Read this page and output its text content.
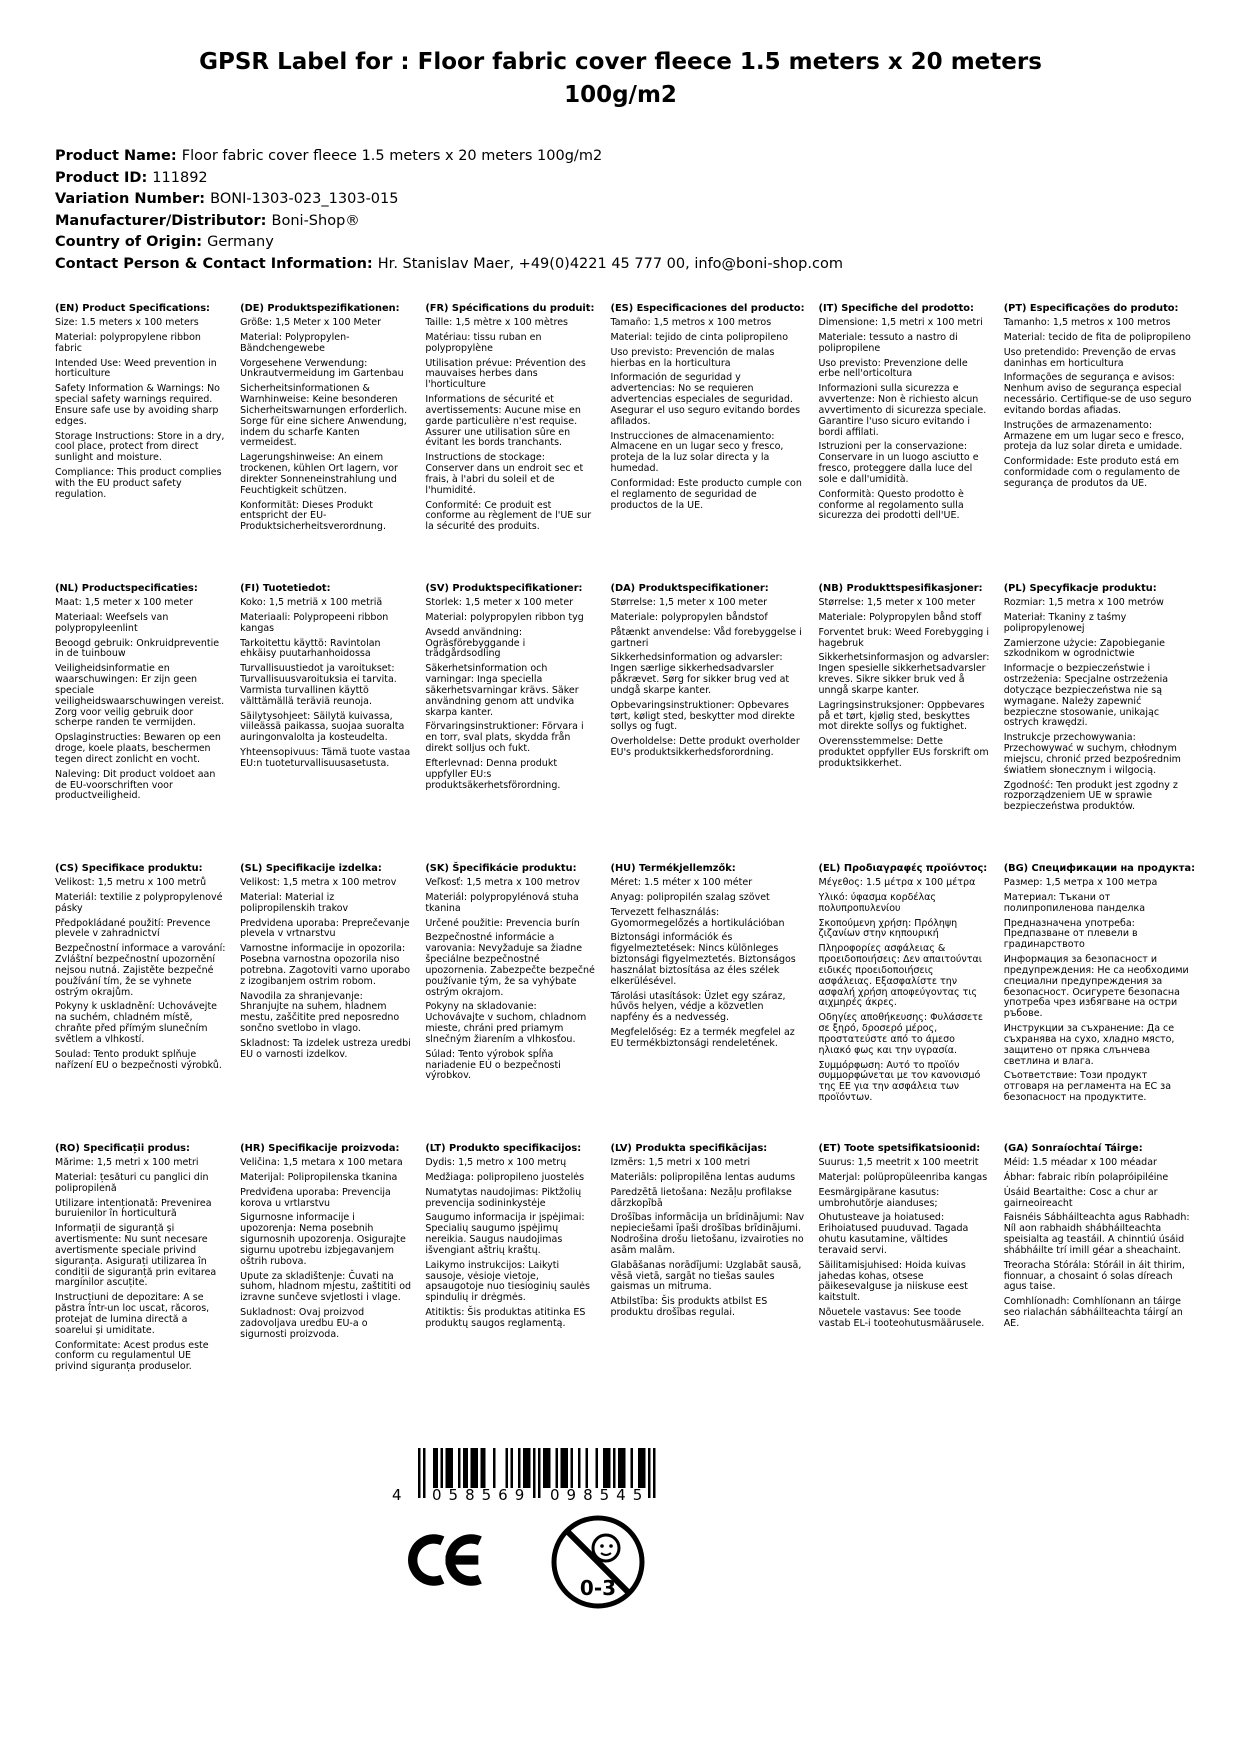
GPSR Label for : Floor fabric cover fleece 1.5 meters x 20 meters 100g/m2
Product Name: Floor fabric cover fleece 1.5 meters x 20 meters 100g/m2
Product ID: 111892
Variation Number: BONI-1303-023_1303-015
Manufacturer/Distributor: Boni-Shop®
Country of Origin: Germany
Contact Person & Contact Information: Hr. Stanislav Maer, +49(0)4221 45 777 00, info@boni-shop.com
(EN) Product Specifications:

Size: 1.5 meters x 100 meters

Material: polypropylene ribbon fabric

Intended Use: Weed prevention in horticulture

Safety Information & Warnings: No special safety warnings required. Ensure safe use by avoiding sharp edges.

Storage Instructions: Store in a dry, cool place, protect from direct sunlight and moisture.

Compliance: This product complies with the EU product safety regulation.

(DE) Produktspezifikationen:

Größe: 1,5 Meter x 100 Meter

Material: Polypropylen-Bändchengewebe

Vorgesehene Verwendung: Unkrautvermeidung im Gartenbau

Sicherheitsinformationen & Warnhinweise: Keine besonderen Sicherheitswarnungen erforderlich. Sorge für eine sichere Anwendung, indem du scharfe Kanten vermeidest.

Lagerungshinweise: An einem trockenen, kühlen Ort lagern, vor direkter Sonneneinstrahlung und Feuchtigkeit schützen.

Konformität: Dieses Produkt entspricht der EU-Produktsicherheitsverordnung.

(FR) Spécifications du produit:

Taille: 1,5 mètre x 100 mètres

Matériau: tissu ruban en polypropylène

Utilisation prévue: Prévention des mauvaises herbes dans l'horticulture

Informations de sécurité et avertissements: Aucune mise en garde particulière n'est requise. Assurer une utilisation sûre en évitant les bords tranchants.

Instructions de stockage: Conserver dans un endroit sec et frais, à l'abri du soleil et de l'humidité.

Conformité: Ce produit est conforme au règlement de l'UE sur la sécurité des produits.

(ES) Especificaciones del producto:

Tamaño: 1,5 metros x 100 metros

Material: tejido de cinta polipropileno

Uso previsto: Prevención de malas hierbas en la horticultura

Información de seguridad y advertencias: No se requieren advertencias especiales de seguridad. Asegurar el uso seguro evitando bordes afilados.

Instrucciones de almacenamiento: Almacene en un lugar seco y fresco, proteja de la luz solar directa y la humedad.

Conformidad: Este producto cumple con el reglamento de seguridad de productos de la UE.

(IT) Specifiche del prodotto:

Dimensione: 1,5 metri x 100 metri

Materiale: tessuto a nastro di polipropilene

Uso previsto: Prevenzione delle erbe nell'orticoltura

Informazioni sulla sicurezza e avvertenze: Non è richiesto alcun avvertimento di sicurezza speciale. Garantire l'uso sicuro evitando i bordi affilati.

Istruzioni per la conservazione: Conservare in un luogo asciutto e fresco, proteggere dalla luce del sole e dall'umidità.

Conformità: Questo prodotto è conforme al regolamento sulla sicurezza dei prodotti dell'UE.

(PT) Especificações do produto:

Tamanho: 1,5 metros x 100 metros

Material: tecido de fita de polipropileno

Uso pretendido: Prevenção de ervas daninhas em horticultura

Informações de segurança e avisos: Nenhum aviso de segurança especial necessário. Certifique-se de uso seguro evitando bordas afiadas.

Instruções de armazenamento: Armazene em um lugar seco e fresco, proteja da luz solar direta e umidade.

Conformidade: Este produto está em conformidade com o regulamento de segurança de produtos da UE.

(NL) Productspecificaties:

Maat: 1,5 meter x 100 meter

Materiaal: Weefsels van polypropyleenlint

Beoogd gebruik: Onkruidpreventie in de tuinbouw

Veiligheidsinformatie en waarschuwingen: Er zijn geen speciale veiligheidswaarschuwingen vereist. Zorg voor veilig gebruik door scherpe randen te vermijden.

Opslaginstructies: Bewaren op een droge, koele plaats, beschermen tegen direct zonlicht en vocht.

Naleving: Dit product voldoet aan de EU-voorschriften voor productveiligheid.

(FI) Tuotetiedot:

Koko: 1,5 metriä x 100 metriä

Materiaali: Polypropeeni ribbon kangas

Tarkoitettu käyttö: Ravintolan ehkäisy puutarhanhoidossa

Turvallisuustiedot ja varoitukset: Turvallisuusvaroituksia ei tarvita. Varmista turvallinen käyttö välttämällä teräviä reunoja.

Säilytysohjeet: Säilytä kuivassa, viileässä paikassa, suojaa suoralta auringonvalolta ja kosteudelta.

Yhteensopivuus: Tämä tuote vastaa EU:n tuoteturvallisuusasetusta.

(SV) Produktspecifikationer:

Storlek: 1,5 meter x 100 meter

Material: polypropylen ribbon tyg

Avsedd användning: Ogräsförebyggande i trädgårdsodling

Säkerhetsinformation och varningar: Inga speciella säkerhetsvarningar krävs. Säker användning genom att undvika skarpa kanter.

Förvaringsinstruktioner: Förvara i en torr, sval plats, skydda från direkt solljus och fukt.

Efterlevnad: Denna produkt uppfyller EU:s produktsäkerhetsförordning.

(DA) Produktspecifikationer:

Størrelse: 1,5 meter x 100 meter

Materiale: polypropylen båndstof

Påtænkt anvendelse: Våd forebyggelse i gartneri

Sikkerhedsinformation og advarsler: Ingen særlige sikkerhedsadvarsler påkrævet. Sørg for sikker brug ved at undgå skarpe kanter.

Opbevaringsinstruktioner: Opbevares tørt, køligt sted, beskytter mod direkte sollys og fugt.

Overholdelse: Dette produkt overholder EU's produktsikkerhedsforordning.

(NB) Produkttspesifikasjoner:

Størrelse: 1,5 meter x 100 meter

Materiale: Polypropylen bånd stoff

Forventet bruk: Weed Forebygging i hagebruk

Sikkerhetsinformasjon og advarsler: Ingen spesielle sikkerhetsadvarsler kreves. Sikre sikker bruk ved å unngå skarpe kanter.

Lagringsinstruksjoner: Oppbevares på et tørt, kjølig sted, beskyttes mot direkte sollys og fuktighet.

Overensstemmelse: Dette produktet oppfyller EUs forskrift om produktsikkerhet.

(PL) Specyfikacje produktu:

Rozmiar: 1,5 metra x 100 metrów

Materiał: Tkaniny z taśmy polipropylenowej

Zamierzone użycie: Zapobieganie szkodnikom w ogrodnictwie

Informacje o bezpieczeństwie i ostrzeżenia: Specjalne ostrzeżenia dotyczące bezpieczeństwa nie są wymagane. Należy zapewnić bezpieczne stosowanie, unikając ostrych krawędzi.

Instrukcje przechowywania: Przechowywać w suchym, chłodnym miejscu, chronić przed bezpośrednim światłem słonecznym i wilgocią.

Zgodność: Ten produkt jest zgodny z rozporządzeniem UE w sprawie bezpieczeństwa produktów.

(CS) Specifikace produktu:

Velikost: 1,5 metru x 100 metrů

Materiál: textilie z polypropylenové pásky

Předpokládané použití: Prevence plevele v zahradnictví

Bezpečnostní informace a varování: Zvláštní bezpečnostní upozornění nejsou nutná. Zajistěte bezpečné používání tím, že se vyhnete ostrým okrajům.

Pokyny k uskladnění: Uchovávejte na suchém, chladném místě, chraňte před přímým slunečním světlem a vlhkostí.

Soulad: Tento produkt splňuje nařízení EU o bezpečnosti výrobků.

(SL) Specifikacije izdelka:

Velikost: 1,5 metra x 100 metrov

Material: Material iz polipropilenskih trakov

Predvidena uporaba: Preprečevanje plevela v vrtnarstvu

Varnostne informacije in opozorila: Posebna varnostna opozorila niso potrebna. Zagotoviti varno uporabo z izogibanjem ostrim robom.

Navodila za shranjevanje: Shranjujte na suhem, hladnem mestu, zaščitite pred neposredno sončno svetlobo in vlago.

Skladnost: Ta izdelek ustreza uredbi EU o varnosti izdelkov.

(SK) Špecifikácie produktu:

Veľkosť: 1,5 metra x 100 metrov

Materiál: polypropylénová stuha tkanina

Určené použitie: Prevencia burín

Bezpečnostné informácie a varovania: Nevyžaduje sa žiadne špeciálne bezpečnostné upozornenia. Zabezpečte bezpečné používanie tým, že sa vyhýbate ostrým okrajom.

Pokyny na skladovanie: Uchovávajte v suchom, chladnom mieste, chráni pred priamym slnečným žiarením a vlhkosťou.

Súlad: Tento výrobok spĺňa nariadenie EÚ o bezpečnosti výrobkov.

(HU) Termékjellemzők:

Méret: 1.5 méter x 100 méter

Anyag: polipropilén szalag szövet

Tervezett felhasználás: Gyomormegelőzés a hortikulációban

Biztonsági információk és figyelmeztetések: Nincs különleges biztonsági figyelmeztetés. Biztonságos használat biztosítása az éles szélek elkerülésével.

Tárolási utasítások: Üzlet egy száraz, hűvös helyen, védje a közvetlen napfény és a nedvesség.

Megfelelőség: Ez a termék megfelel az EU termékbiztonsági rendeletének.

(EL) Προδιαγραφές προϊόντος:

Μέγεθος: 1.5 μέτρα x 100 μέτρα

Υλικό: ύφασμα κορδέλας πολυπροπυλενίου

Σκοπούμενη χρήση: Πρόληψη ζιζανίων στην κηπουρική

Πληροφορίες ασφάλειας & προειδοποιήσεις: Δεν απαιτούνται ειδικές προειδοποιήσεις ασφάλειας. Εξασφαλίστε την ασφαλή χρήση αποφεύγοντας τις αιχμηρές άκρες.

Οδηγίες αποθήκευσης: Φυλάσσετε σε ξηρό, δροσερό μέρος, προστατεύστε από το άμεσο ηλιακό φως και την υγρασία.

Συμμόρφωση: Αυτό το προϊόν συμμορφώνεται με τον κανονισμό της ΕΕ για την ασφάλεια των προϊόντων.

(BG) Спецификации на продукта:

Размер: 1,5 метра x 100 метра

Материал: Тъкани от полипропиленова панделка

Предназначена употреба: Предпазване от плевели в градинарството

Информация за безопасност и предупреждения: Не са необходими специални предупреждения за безопасност. Осигурете безопасна употреба чрез избягване на остри ръбове.

Инструкции за съхранение: Да се съхранява на сухо, хладно място, защитено от пряка слънчева светлина и влага.

Съответствие: Този продукт отговаря на регламента на ЕС за безопасност на продуктите.

(RO) Specificații produs:

Mărime: 1,5 metri x 100 metri

Material: țesături cu panglici din polipropilenă

Utilizare intenționată: Prevenirea buruienilor în horticultură

Informații de siguranță și avertismente: Nu sunt necesare avertismente speciale privind siguranța. Asigurați utilizarea în condiții de siguranță prin evitarea marginilor ascuțite.

Instrucțiuni de depozitare: A se păstra într-un loc uscat, răcoros, protejat de lumina directă a soarelui și umiditate.

Conformitate: Acest produs este conform cu regulamentul UE privind siguranța produselor.

(HR) Specifikacije proizvoda:

Veličina: 1,5 metara x 100 metara

Materijal: Polipropilenska tkanina

Predviđena uporaba: Prevencija korova u vrtlarstvu

Sigurnosne informacije i upozorenja: Nema posebnih sigurnosnih upozorenja. Osigurajte sigurnu upotrebu izbjegavanjem oštrih rubova.

Upute za skladištenje: Čuvati na suhom, hladnom mjestu, zaštititi od izravne sunčeve svjetlosti i vlage.

Sukladnost: Ovaj proizvod zadovoljava uredbu EU-a o sigurnosti proizvoda.

(LT) Produkto specifikacijos:

Dydis: 1,5 metro x 100 metrų

Medžiaga: polipropileno juostelės

Numatytas naudojimas: Piktžolių prevencija sodininkystėje

Saugumo informacija ir įspėjimai: Specialių saugumo įspėjimų nereikia. Saugus naudojimas išvengiant aštrių kraštų.

Laikymo instrukcijos: Laikyti sausoje, vėsioje vietoje, apsaugotoje nuo tiesioginių saulės spindulių ir drėgmės.

Atitiktis: Šis produktas atitinka ES produktų saugos reglamentą.

(LV) Produkta specifikācijas:

Izmērs: 1,5 metri x 100 metri

Materiāls: polipropilēna lentas audums

Paredzētā lietošana: Nezāļu profilakse dārzkopībā

Drošības informācija un brīdinājumi: Nav nepieciešami īpaši drošības brīdinājumi. Nodrošina drošu lietošanu, izvairoties no asām malām.

Glabāšanas norādījumi: Uzglabāt sausā, vēsā vietā, sargāt no tiešas saules gaismas un mitruma.

Atbilstība: Šis produkts atbilst ES produktu drošības regulai.

(ET) Toote spetsifikatsioonid:

Suurus: 1,5 meetrit x 100 meetrit

Materjal: polüpropüleenriba kangas

Eesmärgipärane kasutus: umbrohutõrje aianduses;

Ohutusteave ja hoiatused: Erihoiatused puuduvad. Tagada ohutu kasutamine, vältides teravaid servi.

Säilitamisjuhised: Hoida kuivas jahedas kohas, otsese päikesevalguse ja niiskuse eest kaitstult.

Nõuetele vastavus: See toode vastab EL-i tooteohutusmäärusele.

(GA) Sonraíochtaí Táirge:

Méid: 1.5 méadar x 100 méadar

Ábhar: fabraic ribín polapróipiléine

Úsáid Beartaithe: Cosc a chur ar gairneoireacht

Faisnéis Sábháilteachta agus Rabhadh: Níl aon rabhaidh shábháilteachta speisialta ag teastáil. A chinntiú úsáid shábháilte trí imill géar a sheachaint.

Treoracha Stórála: Stóráil in áit thirim, fionnuar, a chosaint ó solas díreach agus taise.

Comhlíonadh: Comhlíonann an táirge seo rialachán sábháilteachta táirgí an AE.

4 058569 098545
0-3
